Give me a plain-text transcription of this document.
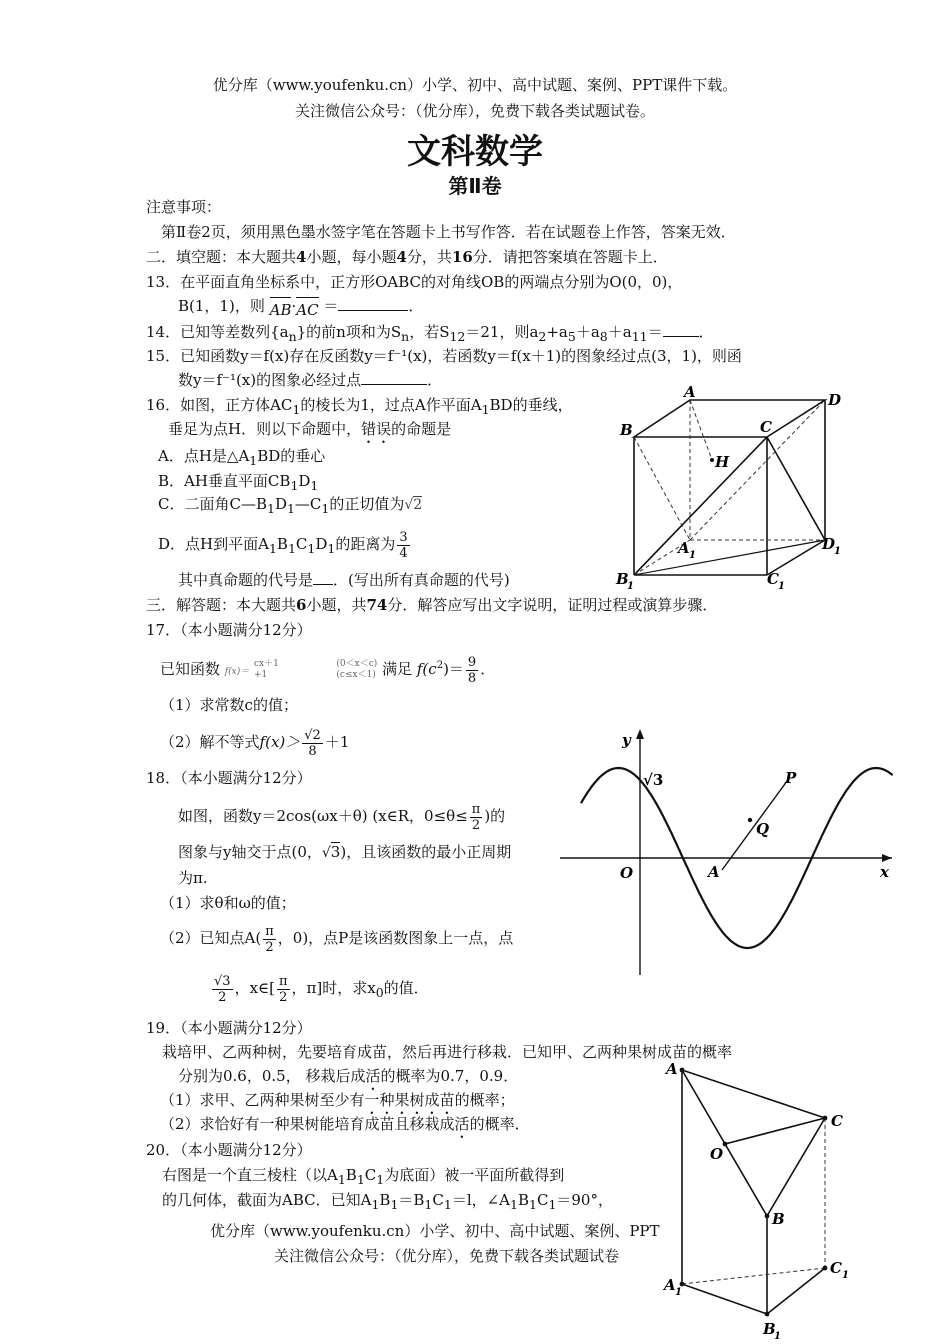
优分库（www.youfenku.cn）小学、初中、高中试题、案例、PPT课件下载。
关注微信公众号：（优分库），免费下载各类试题试卷。
文科数学
第Ⅱ卷
注意事项：
第Ⅱ卷2页，须用黑色墨水签字笔在答题卡上书写作答．若在试题卷上作答，答案无效．
二．填空题：本大题共4小题，每小题4分，共16分．请把答案填在答题卡上．
13．在平面直角坐标系中，正方形OABC的对角线OB的两端点分别为O(0，0)，
B(1，1)，则 AB·
AC ＝	．
14．已知等差数列$\{a_n\}$的前n项和为$S_n$，若$S_{12}=21$，则$a_2+a_5+a_8+a_{11}=$ ．
15．已知函数y＝f(x)存在反函数y＝f⁻¹(x)，若函数y＝f(x＋1)的图象经过点(3，1)，则函
数y＝f⁻¹(x)的图象必经过点	．
16．如图，正方体$AC_1$的棱长为1，过点A作平面$A_1BD$的垂线，
垂足为点H．则以下命题中，错误的命题是
A．点H是$\triangle A_1BD$的垂心
B．AH垂直平面$CB_1D_1$
C．二面角$C—B_1D_1—C_1$的正切值为√2
D．点H到平面$A_1B_1C_1D_1$的距离为 $\frac{3}{4}$
其中真命题的代号是 ．(写出所有真命题的代号)
A	D
B	C
H
A 1
D
1
B
1	C 1
三．解答题：本大题共6小题，共74分．解答应写出文字说明，证明过程或演算步骤．
17．（本小题满分12分）
已知函数 f(x)＝
cx＋1
+1

(0＜x＜c)
(c≤x＜1) 满足 $f(c^2)= \frac{9}{8}$ ．
（1）求常数c的值；
（2）解不等式$f(x)> \frac{√2}{8} +1$
18．（本小题满分12分）
如图，函数y＝2cos(ωx＋θ) (x∈R，$0\le\theta\le \frac{\pi}{2}$ )的
图象与y轴交于点(0，√3)，且该函数的最小正周期
为π.
（1）求θ和ω的值；
（2）已知点$A( \frac{\pi}{2}$ ，0)，点P是该函数图象上一点，点
$\frac{√3}{2}$ ，x∈[ $\frac{\pi}{2}$ ，π]时，求$x_0$的值．
y
√3
O	A	x
P
Q
19．（本小题满分12分）
栽培甲、乙两种树，先要培育成苗，然后再进行移栽．已知甲、乙两种果树成苗的概率
分别为0.6，0.5， 移栽后成活的概率为0.7，0.9．
（1）求甲、乙两种果树至少有一种果树成苗的概率；
（2）求恰好有一种果树能培育成苗且移栽成活的概率．
20．（本小题满分12分）
右图是一个直三棱柱（以$A_1B_1C_1$为底面）被一平面所截得到
的几何体，截面为ABC．已知$A_1B_1=B_1C_1=l$，$\angle A_1B_1C_1=90^\circ$，
A
C
O
B
C 1
A 1
B
1
优分库（www.youfenku.cn）小学、初中、高中试题、案例、PPT
关注微信公众号：（优分库），免费下载各类试题试卷
